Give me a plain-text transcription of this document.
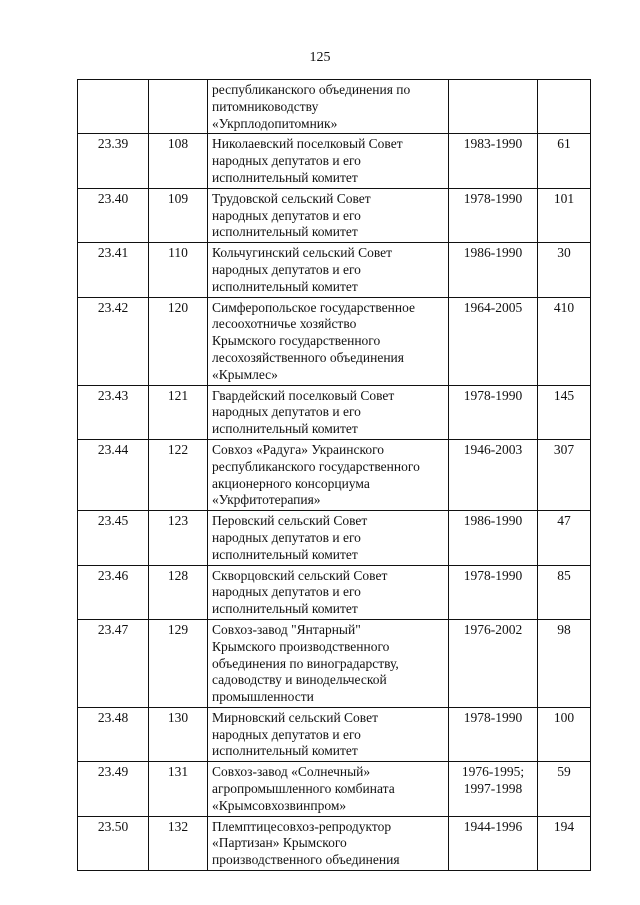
125

		республиканского объединения по
питомниководству
«Укрплодопитомник»		

23.39	108	Николаевский поселковый Совет
народных депутатов и его
исполнительный комитет	1983-1990	61
23.40	109	Трудовской сельский Совет
народных депутатов и его
исполнительный комитет	1978-1990	101
23.41	110	Кольчугинский сельский Совет
народных депутатов и его
исполнительный комитет	1986-1990	30
23.42	120	Симферопольское государственное
лесоохотничье хозяйство
Крымского государственного
лесохозяйственного объединения
«Крымлес»	1964-2005	410
23.43	121	Гвардейский поселковый Совет
народных депутатов и его
исполнительный комитет	1978-1990	145
23.44	122	Совхоз «Радуга» Украинского
республиканского государственного
акционерного консорциума
«Укрфитотерапия»	1946-2003	307
23.45	123	Перовский сельский Совет
народных депутатов и его
исполнительный комитет	1986-1990	47
23.46	128	Скворцовский сельский Совет
народных депутатов и его
исполнительный комитет	1978-1990	85
23.47	129	Совхоз-завод "Янтарный"
Крымского производственного
объединения по виноградарству,
садоводству и винодельческой
промышленности	1976-2002	98
23.48	130	Мирновский сельский Совет
народных депутатов и его
исполнительный комитет	1978-1990	100
23.49	131	Совхоз-завод «Солнечный»
агропромышленного комбината
«Крымсовхозвинпром»	1976-1995;
1997-1998	59
23.50	132	Племптицесовхоз-репродуктор
«Партизан» Крымского
производственного объединения	1944-1996	194
